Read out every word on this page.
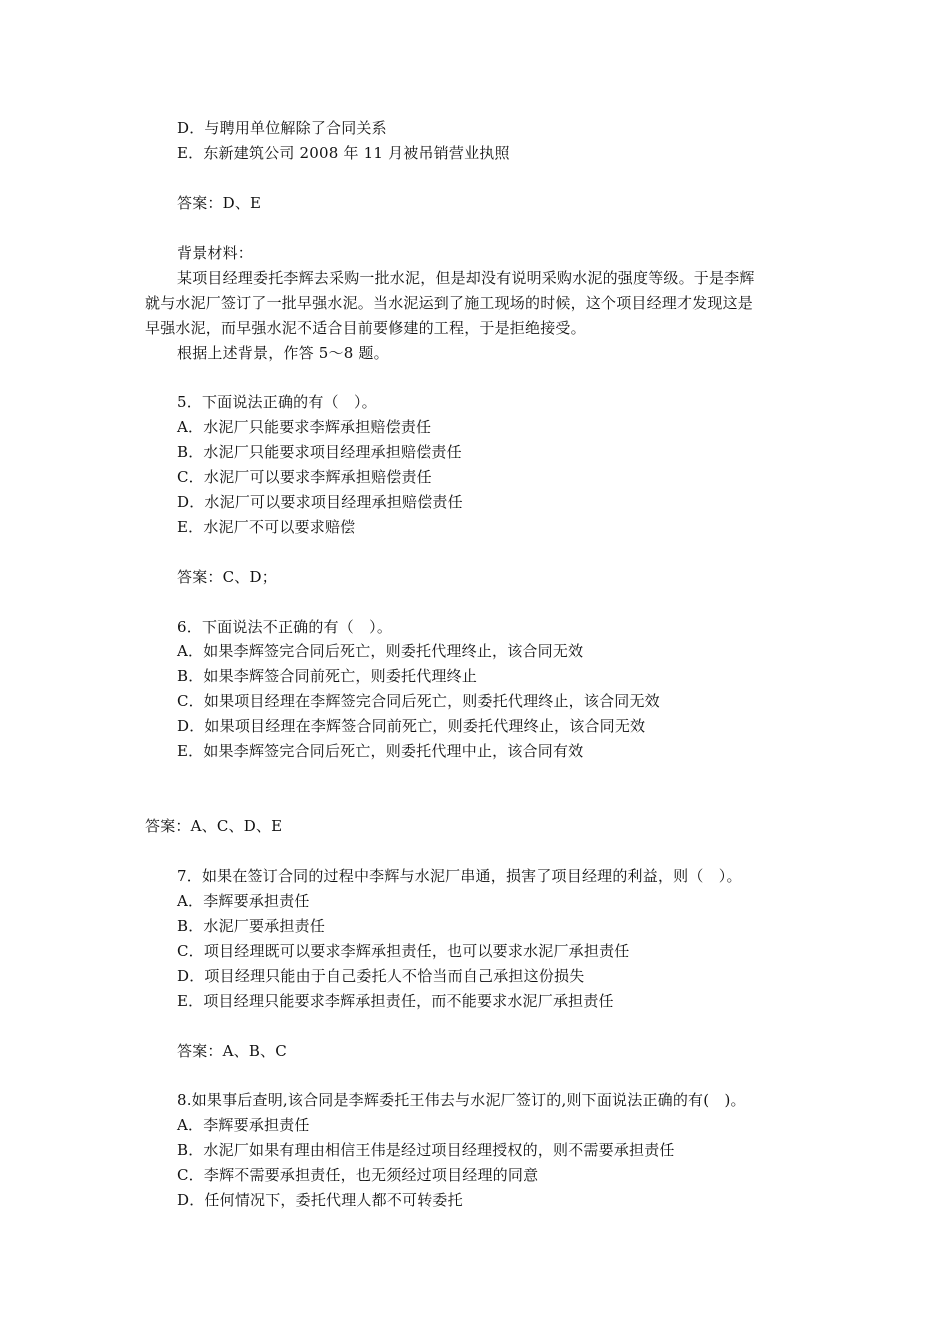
D．与聘用单位解除了合同关系
E．东新建筑公司 2008 年 11 月被吊销营业执照
答案：D、E
背景材料：
某项目经理委托李辉去采购一批水泥，但是却没有说明采购水泥的强度等级。于是李辉
就与水泥厂签订了一批早强水泥。当水泥运到了施工现场的时候，这个项目经理才发现这是
早强水泥，而早强水泥不适合目前要修建的工程，于是拒绝接受。
根据上述背景，作答 5～8 题。
5．下面说法正确的有（　）。
A．水泥厂只能要求李辉承担赔偿责任
B．水泥厂只能要求项目经理承担赔偿责任
C．水泥厂可以要求李辉承担赔偿责任
D．水泥厂可以要求项目经理承担赔偿责任
E．水泥厂不可以要求赔偿
答案：C、D；
6．下面说法不正确的有（　）。
A．如果李辉签完合同后死亡，则委托代理终止，该合同无效
B．如果李辉签合同前死亡，则委托代理终止
C．如果项目经理在李辉签完合同后死亡，则委托代理终止，该合同无效
D．如果项目经理在李辉签合同前死亡，则委托代理终止，该合同无效
E．如果李辉签完合同后死亡，则委托代理中止，该合同有效
答案：A、C、D、E
7．如果在签订合同的过程中李辉与水泥厂串通，损害了项目经理的利益，则（　）。
A．李辉要承担责任
B．水泥厂要承担责任
C．项目经理既可以要求李辉承担责任，也可以要求水泥厂承担责任
D．项目经理只能由于自己委托人不恰当而自己承担这份损失
E．项目经理只能要求李辉承担责任，而不能要求水泥厂承担责任
答案：A、B、C
8.如果事后查明,该合同是李辉委托王伟去与水泥厂签订的,则下面说法正确的有(　)。
A．李辉要承担责任
B．水泥厂如果有理由相信王伟是经过项目经理授权的，则不需要承担责任
C．李辉不需要承担责任，也无须经过项目经理的同意
D．任何情况下，委托代理人都不可转委托
